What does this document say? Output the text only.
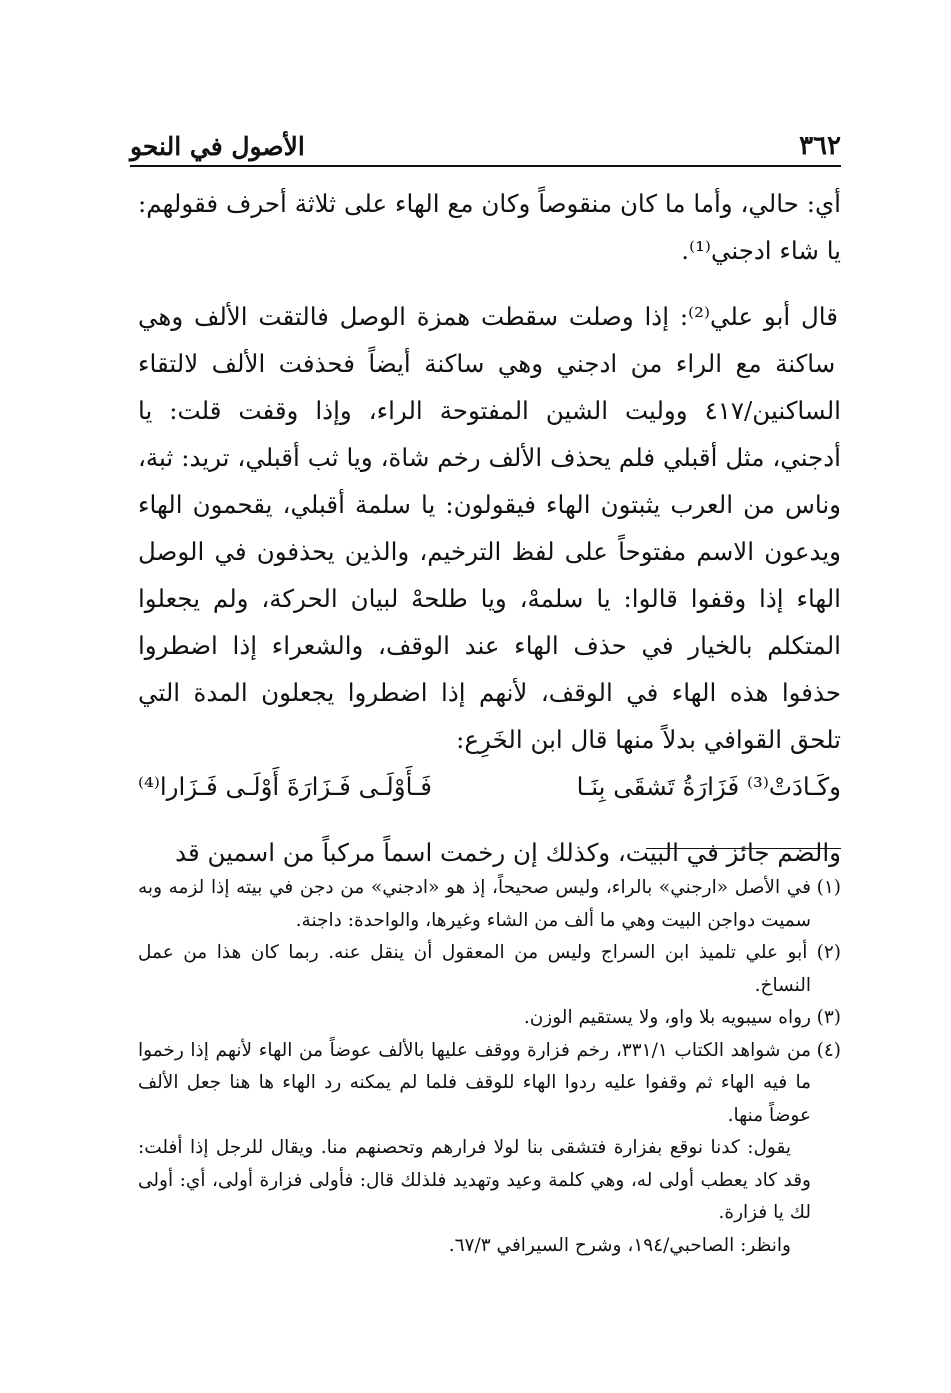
٣٦٢
الأصول في النحو

أي: حالي، وأما ما كان منقوصاً وكان مع الهاء على ثلاثة أحرف فقولهم: يا شاء ادجني⁽¹⁾.

قال أبو علي⁽²⁾: إذا وصلت سقطت همزة الوصل فالتقت الألف وهي ساكنة مع الراء من ادجني وهي ساكنة أيضاً فحذفت الألف لالتقاء الساكنين/٤١٧ ووليت الشين المفتوحة الراء، وإذا وقفت قلت: يا أدجني، مثل أقبلي فلم يحذف الألف رخم شاة، ويا ثب أقبلي، تريد: ثبة، وناس من العرب يثبتون الهاء فيقولون: يا سلمة أقبلي، يقحمون الهاء ويدعون الاسم مفتوحاً على لفظ الترخيم، والذين يحذفون في الوصل الهاء إذا وقفوا قالوا: يا سلمهْ، ويا طلحهْ لبيان الحركة، ولم يجعلوا المتكلم بالخيار في حذف الهاء عند الوقف، والشعراء إذا اضطروا حذفوا هذه الهاء في الوقف، لأنهم إذا اضطروا يجعلون المدة التي تلحق القوافي بدلاً منها قال ابن الخَرِع:

وكَـادَتْ⁽³⁾ فَزَارَةُ تَشقَى بِنَـا
فَـأَوْلَـى فَـزَارَةَ أَوْلَـى فَـزَارا⁽⁴⁾

والضم جائز في البيت، وكذلك إن رخمت اسماً مركباً من اسمين قد

(١)
في الأصل «ارجني» بالراء، وليس صحيحاً، إذ هو «ادجني» من دجن في بيته إذا لزمه وبه سميت دواجن البيت وهي ما ألف من الشاء وغيرها، والواحدة: داجنة.
(٢)
أبو علي تلميذ ابن السراج وليس من المعقول أن ينقل عنه. ربما كان هذا من عمل النساخ.
(٣)
رواه سيبويه بلا واو، ولا يستقيم الوزن.
(٤)
من شواهد الكتاب ٣٣١/١، رخم فزارة ووقف عليها بالألف عوضاً من الهاء لأنهم إذا رخموا ما فيه الهاء ثم وقفوا عليه ردوا الهاء للوقف فلما لم يمكنه رد الهاء ها هنا جعل الألف عوضاً منها.

يقول: كدنا نوقع بفزارة فتشقى بنا لولا فرارهم وتحصنهم منا. ويقال للرجل إذا أفلت: وقد كاد يعطب أولى له، وهي كلمة وعيد وتهديد فلذلك قال: فأولى فزارة أولى، أي: أولى لك يا فزارة.

وانظر: الصاحبي/١٩٤، وشرح السيرافي ٦٧/٣.
